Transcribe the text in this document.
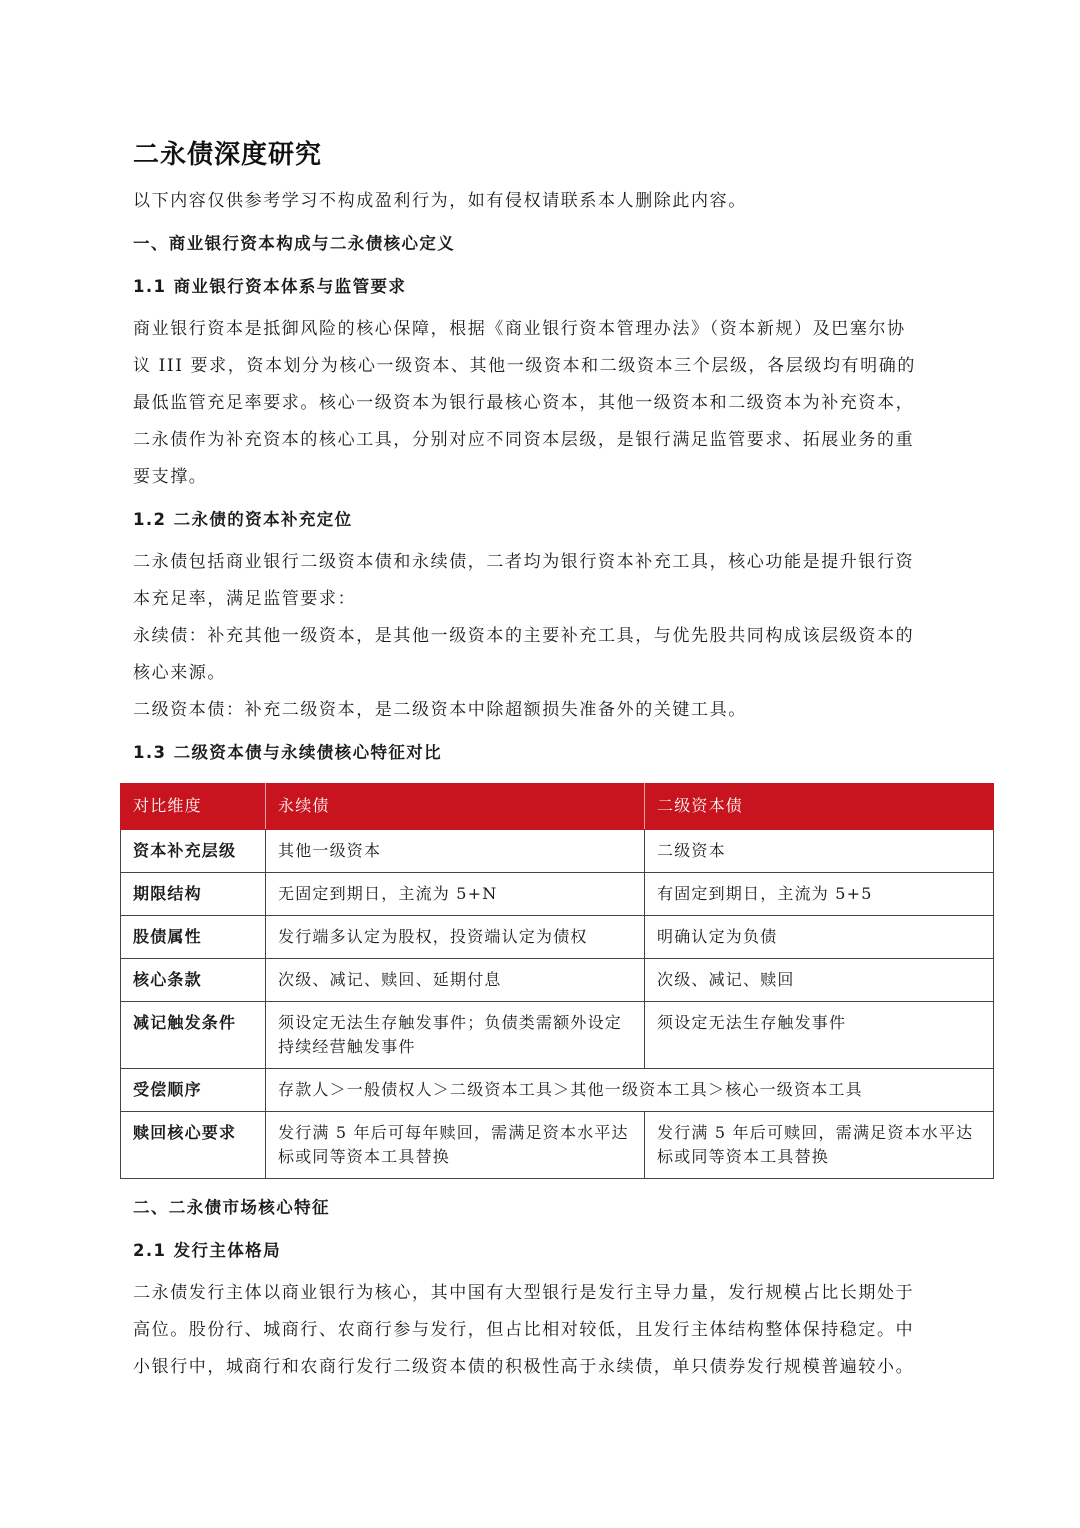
二永债深度研究
以下内容仅供参考学习不构成盈利行为，如有侵权请联系本人删除此内容。
一、商业银行资本构成与二永债核心定义
1.1 商业银行资本体系与监管要求
商业银行资本是抵御风险的核心保障，根据《商业银行资本管理办法》（资本新规）及巴塞尔协
议 III 要求，资本划分为核心一级资本、其他一级资本和二级资本三个层级，各层级均有明确的
最低监管充足率要求。核心一级资本为银行最核心资本，其他一级资本和二级资本为补充资本，
二永债作为补充资本的核心工具，分别对应不同资本层级，是银行满足监管要求、拓展业务的重
要支撑。
1.2 二永债的资本补充定位
二永债包括商业银行二级资本债和永续债，二者均为银行资本补充工具，核心功能是提升银行资
本充足率，满足监管要求：
永续债：补充其他一级资本，是其他一级资本的主要补充工具，与优先股共同构成该层级资本的
核心来源。
二级资本债：补充二级资本，是二级资本中除超额损失准备外的关键工具。
1.3 二级资本债与永续债核心特征对比
对比维度	永续债	二级资本债
资本补充层级	其他一级资本	二级资本
期限结构	无固定到期日，主流为 5+N	有固定到期日，主流为 5+5
股债属性	发行端多认定为股权，投资端认定为债权	明确认定为负债
核心条款	次级、减记、赎回、延期付息	次级、减记、赎回
减记触发条件	须设定无法生存触发事件；负债类需额外设定持续经营触发事件	须设定无法生存触发事件
受偿顺序	存款人＞一般债权人＞二级资本工具＞其他一级资本工具＞核心一级资本工具	
赎回核心要求	发行满 5 年后可每年赎回，需满足资本水平达标或同等资本工具替换	发行满 5 年后可赎回，需满足资本水平达标或同等资本工具替换
二、二永债市场核心特征
2.1 发行主体格局
二永债发行主体以商业银行为核心，其中国有大型银行是发行主导力量，发行规模占比长期处于
高位。股份行、城商行、农商行参与发行，但占比相对较低，且发行主体结构整体保持稳定。中
小银行中，城商行和农商行发行二级资本债的积极性高于永续债，单只债券发行规模普遍较小。
